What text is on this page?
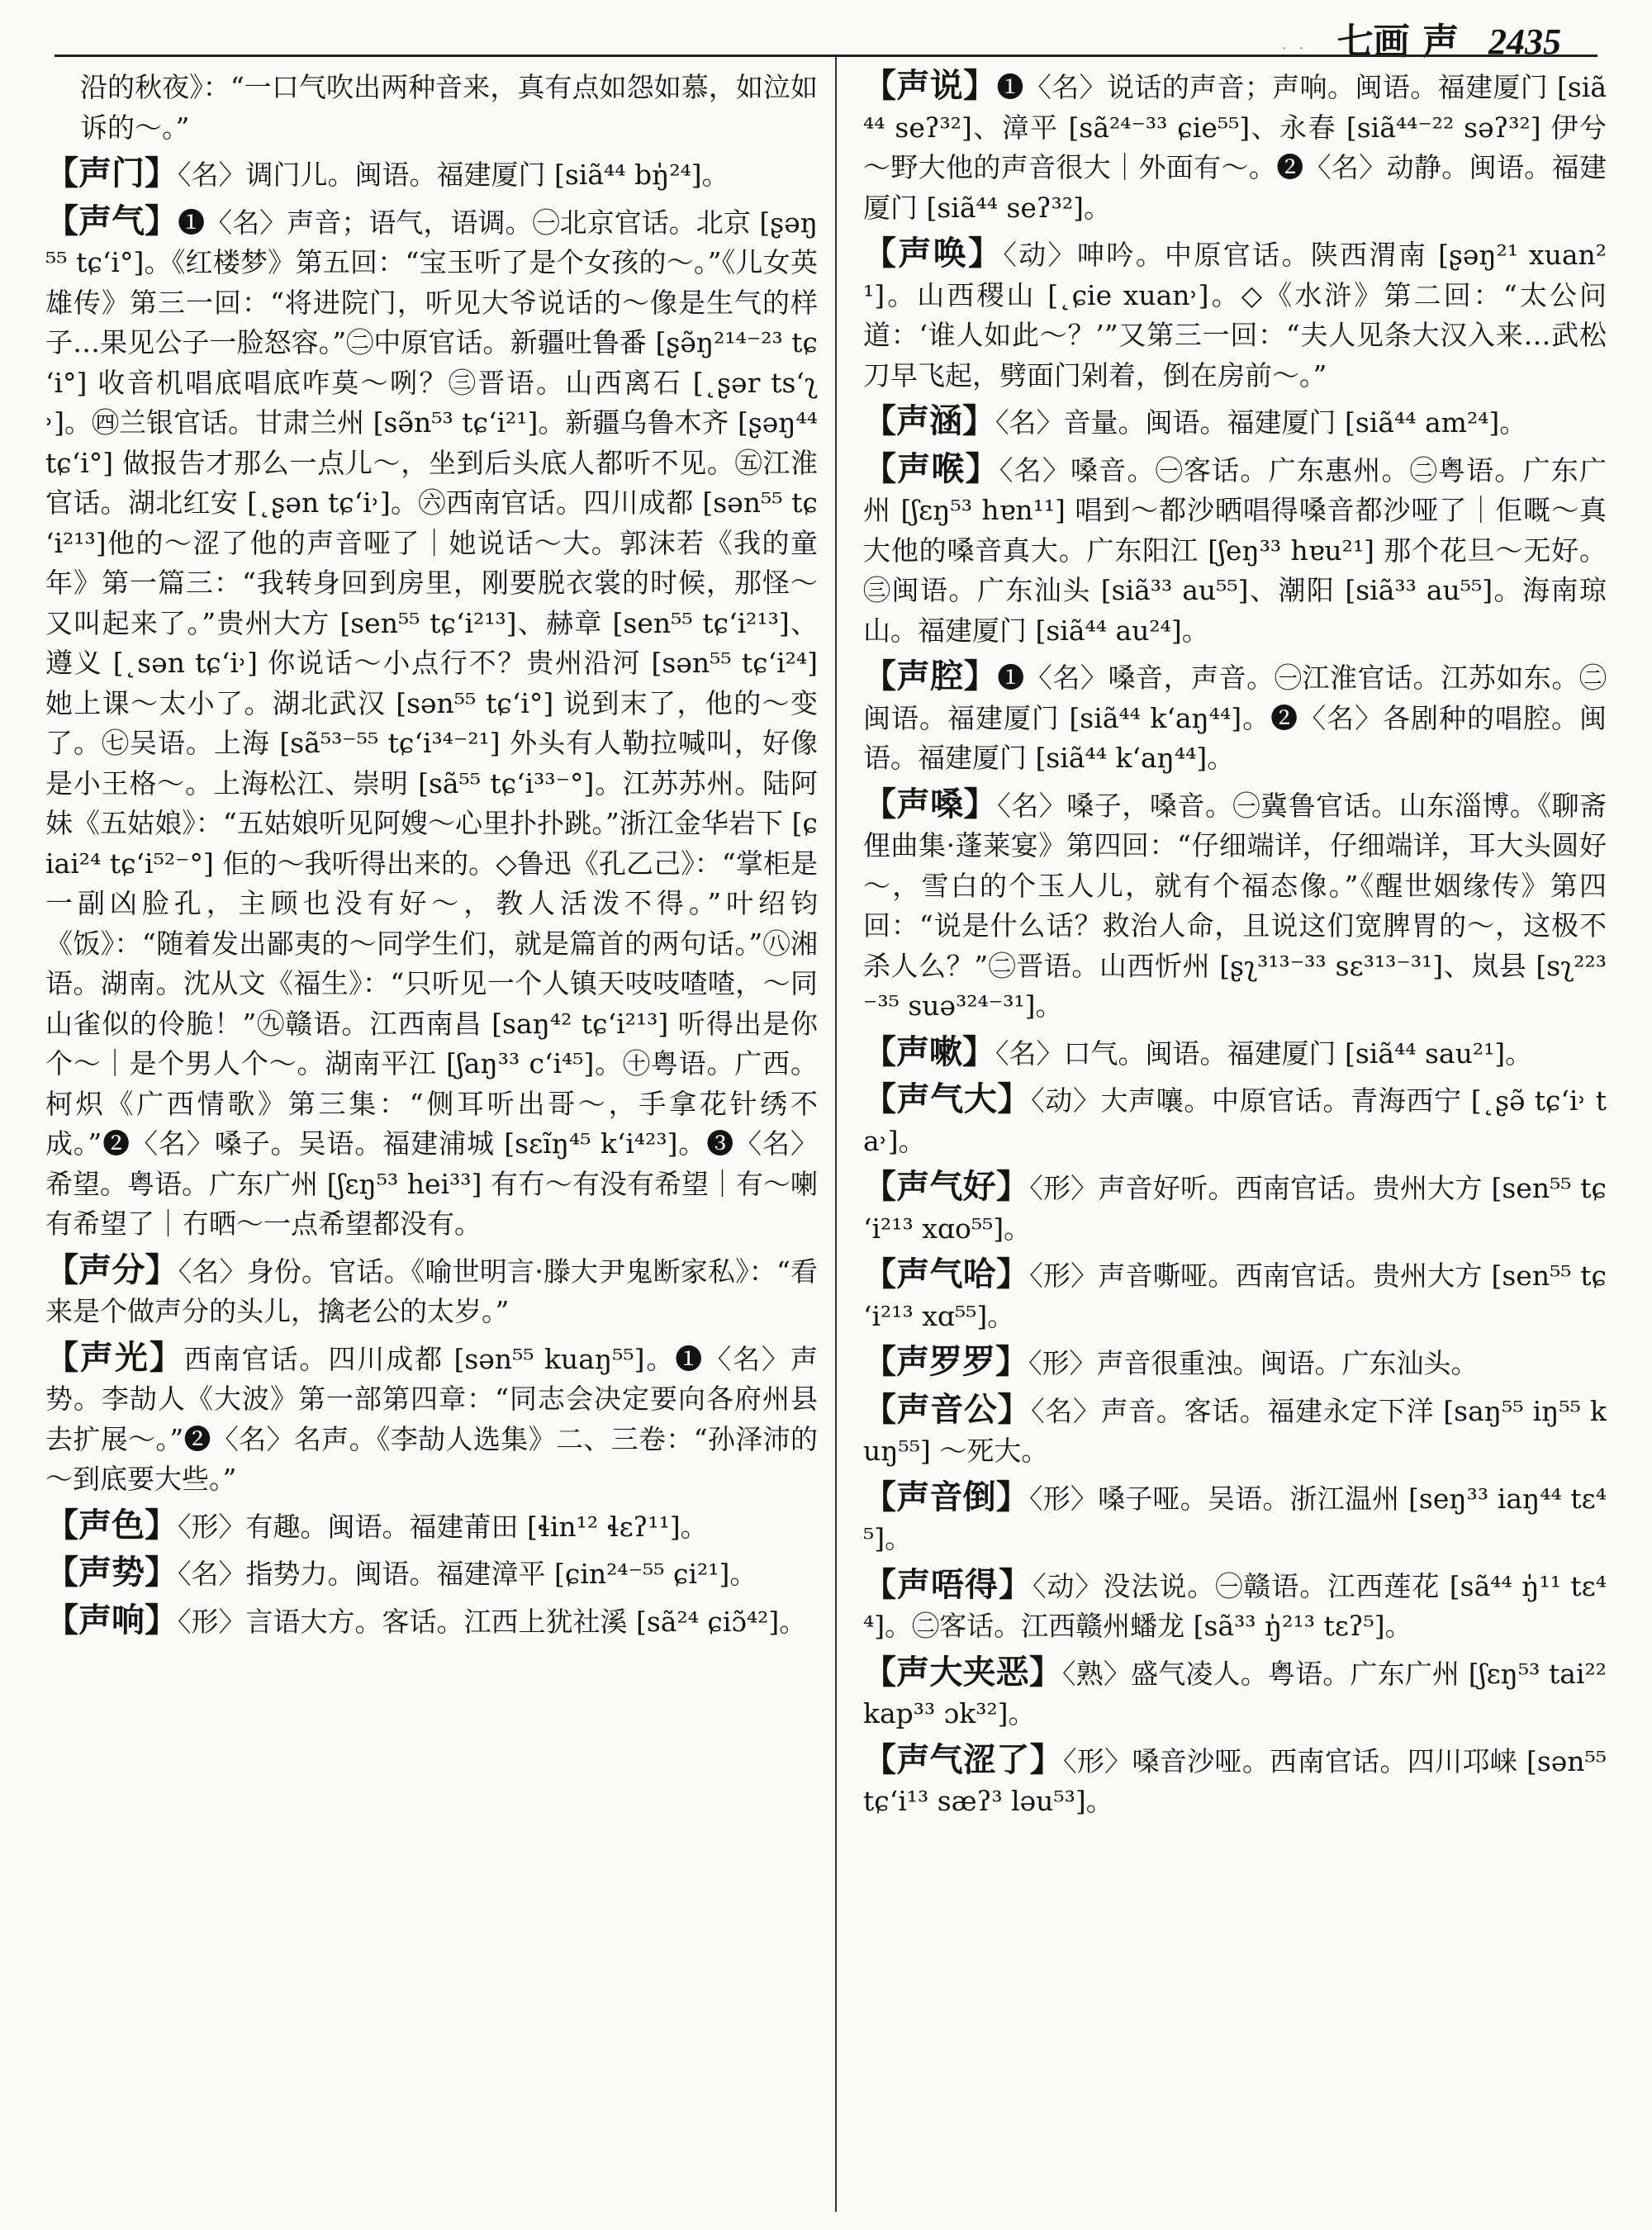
· · 七画 声 2435

沿的秋夜》：“一口气吹出两种音来，真有点如怨如慕，如泣如诉的～。”

【声门】〈名〉调门儿。闽语。福建厦门 [siã⁴⁴ bŋ̍²⁴]。

【声气】❶〈名〉声音；语气，语调。㊀北京官话。北京 [ʂəŋ⁵⁵ tɕʻi°]。《红楼梦》第五回：“宝玉听了是个女孩的～。”《儿女英雄传》第三一回：“将进院门，听见大爷说话的～像是生气的样子…果见公子一脸怒容。”㊁中原官话。新疆吐鲁番 [ʂə̃ŋ²¹⁴⁻²³ tɕʻi°] 收音机唱底唱底咋莫～咧？㊂晋语。山西离石 [˛ʂər tsʻʅ˒]。㊃兰银官话。甘肃兰州 [sə̃n⁵³ tɕʻi²¹]。新疆乌鲁木齐 [ʂəŋ⁴⁴ tɕʻi°] 做报告才那么一点儿～，坐到后头底人都听不见。㊄江淮官话。湖北红安 [˛ʂən tɕʻi˒]。㊅西南官话。四川成都 [sən⁵⁵ tɕʻi²¹³]他的～涩了他的声音哑了｜她说话～大。郭沫若《我的童年》第一篇三：“我转身回到房里，刚要脱衣裳的时候，那怪～又叫起来了。”贵州大方 [sen⁵⁵ tɕʻi²¹³]、赫章 [sen⁵⁵ tɕʻi²¹³]、遵义 [˛sən tɕʻi˒] 你说话～小点行不？贵州沿河 [sən⁵⁵ tɕʻi²⁴] 她上课～太小了。湖北武汉 [sən⁵⁵ tɕʻi°] 说到末了，他的～变了。㊆吴语。上海 [sã⁵³⁻⁵⁵ tɕʻi³⁴⁻²¹] 外头有人勒拉喊叫，好像是小王格～。上海松江、崇明 [sã⁵⁵ tɕʻi³³⁻°]。江苏苏州。陆阿妹《五姑娘》：“五姑娘听见阿嫂～心里扑扑跳。”浙江金华岩下 [ɕiai²⁴ tɕʻi⁵²⁻°] 佢的～我听得出来的。◇鲁迅《孔乙己》：“掌柜是一副凶脸孔，主顾也没有好～，教人活泼不得。”叶绍钧《饭》：“随着发出鄙夷的～同学生们，就是篇首的两句话。”㊇湘语。湖南。沈从文《福生》：“只听见一个人镇天吱吱喳喳，～同山雀似的伶脆！”㊈赣语。江西南昌 [saŋ⁴² tɕʻi²¹³] 听得出是你个～｜是个男人个～。湖南平江 [ʃaŋ³³ cʻi⁴⁵]。㊉粤语。广西。柯炽《广西情歌》第三集：“侧耳听出哥～，手拿花针绣不成。”❷〈名〉嗓子。吴语。福建浦城 [sɛĩŋ⁴⁵ kʻi⁴²³]。❸〈名〉希望。粤语。广东广州 [ʃɛŋ⁵³ hei³³] 有冇～有没有希望｜有～喇有希望了｜冇晒～一点希望都没有。

【声分】〈名〉身份。官话。《喻世明言·滕大尹鬼断家私》：“看来是个做声分的头儿，擒老公的太岁。”

【声光】西南官话。四川成都 [sən⁵⁵ kuaŋ⁵⁵]。❶〈名〉声势。李劼人《大波》第一部第四章：“同志会决定要向各府州县去扩展～。”❷〈名〉名声。《李劼人选集》二、三卷：“孙泽沛的～到底要大些。”

【声色】〈形〉有趣。闽语。福建莆田 [ɬin¹² ɬɛʔ¹¹]。

【声势】〈名〉指势力。闽语。福建漳平 [ɕin²⁴⁻⁵⁵ ɕi²¹]。

【声响】〈形〉言语大方。客话。江西上犹社溪 [sã²⁴ ɕiɔ̃⁴²]。

【声说】❶〈名〉说话的声音；声响。闽语。福建厦门 [siã⁴⁴ seʔ³²]、漳平 [sã²⁴⁻³³ ɕie⁵⁵]、永春 [siã⁴⁴⁻²² səʔ³²] 伊兮～野大他的声音很大｜外面有～。❷〈名〉动静。闽语。福建厦门 [siã⁴⁴ seʔ³²]。

【声唤】〈动〉呻吟。中原官话。陕西渭南 [ʂəŋ²¹ xuan²¹]。山西稷山 [˛ɕie xuan˒]。◇《水浒》第二回：“太公问道：‘谁人如此～？’”又第三一回：“夫人见条大汉入来…武松刀早飞起，劈面门剁着，倒在房前～。”

【声涵】〈名〉音量。闽语。福建厦门 [siã⁴⁴ am²⁴]。

【声喉】〈名〉嗓音。㊀客话。广东惠州。㊁粤语。广东广州 [ʃɛŋ⁵³ hɐn¹¹] 唱到～都沙晒唱得嗓音都沙哑了｜佢嘅～真大他的嗓音真大。广东阳江 [ʃeŋ³³ hɐu²¹] 那个花旦～无好。㊂闽语。广东汕头 [siã³³ au⁵⁵]、潮阳 [siã³³ au⁵⁵]。海南琼山。福建厦门 [siã⁴⁴ au²⁴]。

【声腔】❶〈名〉嗓音，声音。㊀江淮官话。江苏如东。㊁闽语。福建厦门 [siã⁴⁴ kʻaŋ⁴⁴]。❷〈名〉各剧种的唱腔。闽语。福建厦门 [siã⁴⁴ kʻaŋ⁴⁴]。

【声嗓】〈名〉嗓子，嗓音。㊀冀鲁官话。山东淄博。《聊斋俚曲集·蓬莱宴》第四回：“仔细端详，仔细端详，耳大头圆好～，雪白的个玉人儿，就有个福态像。”《醒世姻缘传》第四回：“说是什么话？救治人命，且说这们宽脾胃的～，这极不杀人么？”㊁晋语。山西忻州 [ʂʅ³¹³⁻³³ sɛ³¹³⁻³¹]、岚县 [sʅ²²³⁻³⁵ suə³²⁴⁻³¹]。

【声嗽】〈名〉口气。闽语。福建厦门 [siã⁴⁴ sau²¹]。

【声气大】〈动〉大声嚷。中原官话。青海西宁 [˛ʂə̃ tɕʻi˒ ta˒]。

【声气好】〈形〉声音好听。西南官话。贵州大方 [sen⁵⁵ tɕʻi²¹³ xɑo⁵⁵]。

【声气哈】〈形〉声音嘶哑。西南官话。贵州大方 [sen⁵⁵ tɕʻi²¹³ xɑ⁵⁵]。

【声罗罗】〈形〉声音很重浊。闽语。广东汕头。

【声音公】〈名〉声音。客话。福建永定下洋 [saŋ⁵⁵ iŋ⁵⁵ kuŋ⁵⁵] ～死大。

【声音倒】〈形〉嗓子哑。吴语。浙江温州 [seŋ³³ iaŋ⁴⁴ tɛ⁴⁵]。

【声唔得】〈动〉没法说。㊀赣语。江西莲花 [sã⁴⁴ ŋ̍¹¹ tɛ⁴⁴]。㊁客话。江西赣州蟠龙 [sã³³ ŋ̍²¹³ tɛʔ⁵]。

【声大夹恶】〈熟〉盛气凌人。粤语。广东广州 [ʃɛŋ⁵³ tai²² kap³³ ɔk³²]。

【声气涩了】〈形〉嗓音沙哑。西南官话。四川邛崃 [sən⁵⁵ tɕʻi¹³ sæʔ³ ləu⁵³]。
